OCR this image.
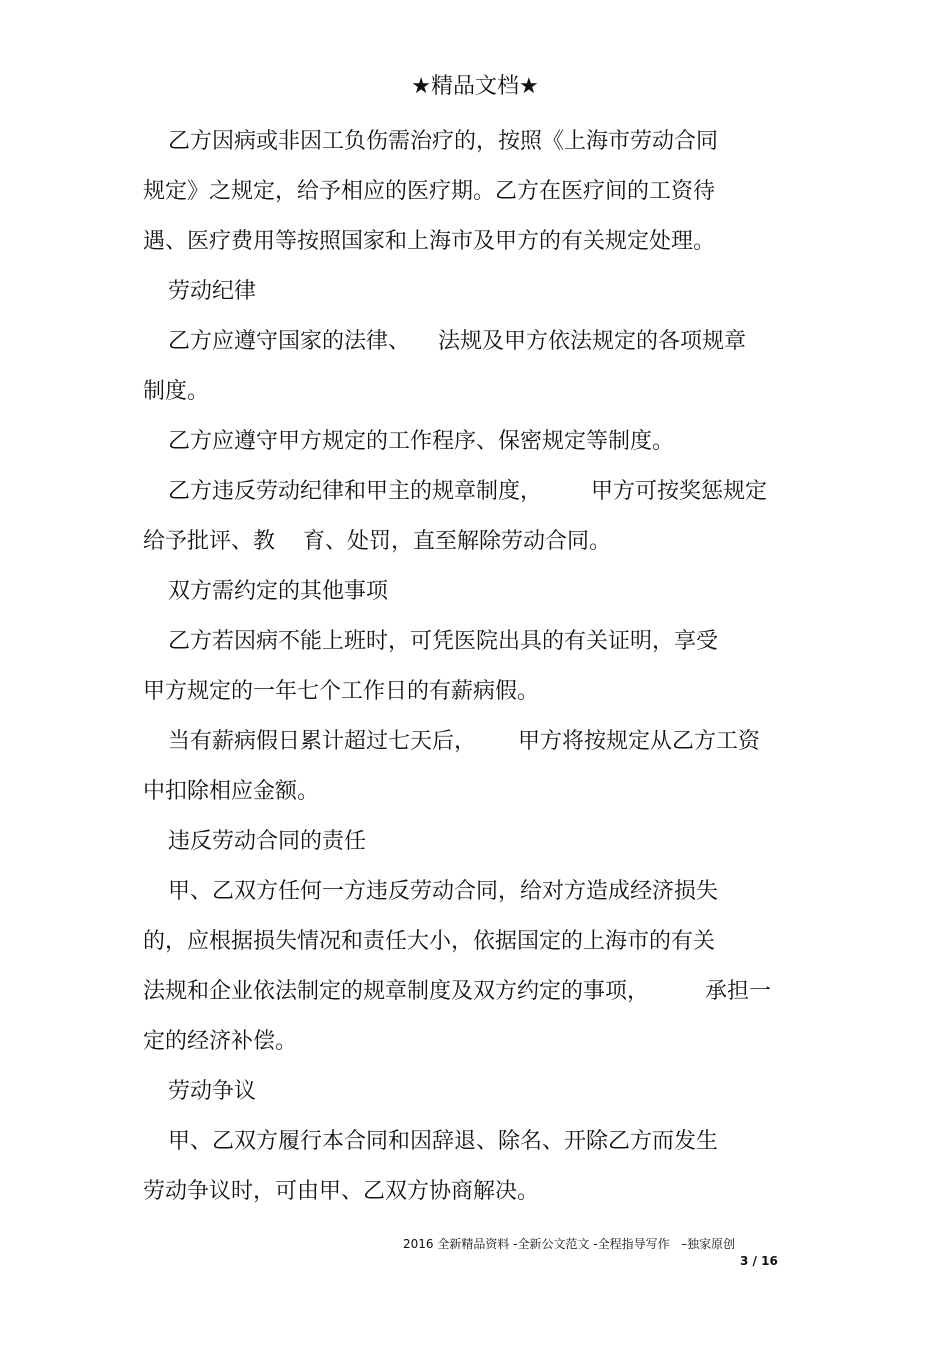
★精品文档★
乙方因病或非因工负伤需治疗的，按照《上海市劳动合同
规定》之规定，给予相应的医疗期。乙方在医疗间的工资待
遇、医疗费用等按照国家和上海市及甲方的有关规定处理。
劳动纪律
乙方应遵守国家的法律、    法规及甲方依法规定的各项规章
制度。
乙方应遵守甲方规定的工作程序、保密规定等制度。
乙方违反劳动纪律和甲主的规章制度，       甲方可按奖惩规定
给予批评、教    育、处罚，直至解除劳动合同。
双方需约定的其他事项
乙方若因病不能上班时，可凭医院出具的有关证明，享受
甲方规定的一年七个工作日的有薪病假。
当有薪病假日累计超过七天后，      甲方将按规定从乙方工资
中扣除相应金额。
违反劳动合同的责任
甲、乙双方任何一方违反劳动合同，给对方造成经济损失
的，应根据损失情况和责任大小，依据国定的上海市的有关
法规和企业依法制定的规章制度及双方约定的事项，        承担一
定的经济补偿。
劳动争议
甲、乙双方履行本合同和因辞退、除名、开除乙方而发生
劳动争议时，可由甲、乙双方协商解决。
2016 全新精品资料 -全新公文范文 -全程指导写作   –独家原创
3 / 16
